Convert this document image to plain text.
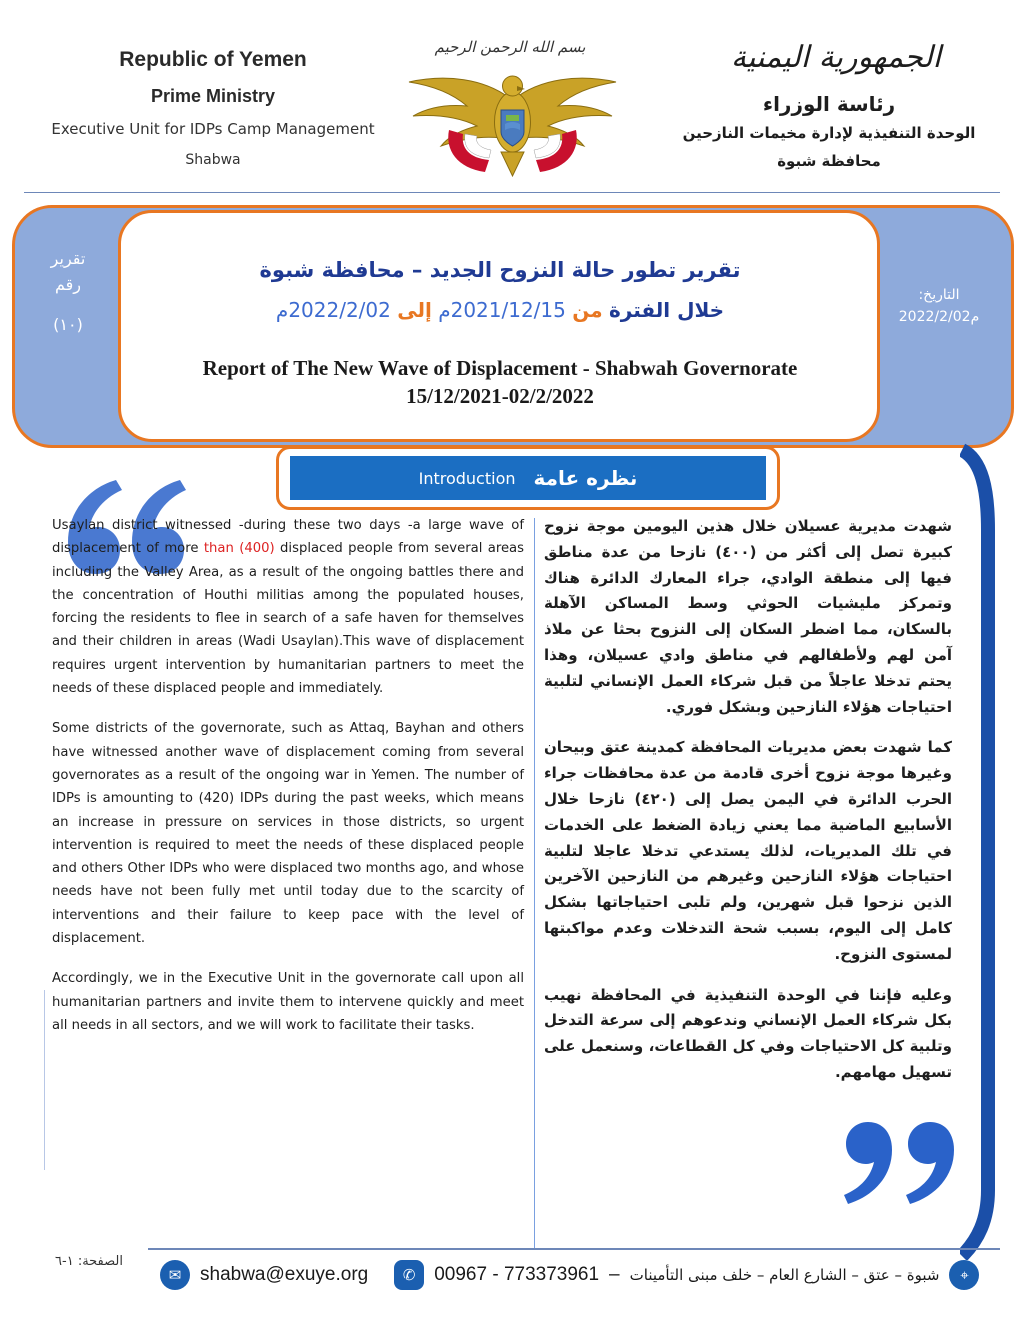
Republic of Yemen
Prime Ministry
Executive Unit for IDPs Camp Management
Shabwa
بسم الله الرحمن الرحيم	الجمهورية اليمنية
رئاسة الوزراء
الوحدة التنفيذية لإدارة مخيمات النازحين
محافظة شبوة
تقرير
رقم
(١٠)
التاريخ:
2022/2/02م
تقرير تطور حالة النزوح الجديد – محافظة شبوة
خلال الفترة من 2021/12/15م إلى 2022/2/02م
Report of The New Wave of Displacement - Shabwah Governorate
15/12/2021-02/2/2022
Introduction نظره عامة

Usaylan district witnessed -during these two days -a large wave of displacement of more than (400) displaced people from several areas including the Valley Area, as a result of the ongoing battles there and the concentration of Houthi militias among the populated houses, forcing the residents to flee in search of a safe haven for themselves and their children in areas (Wadi Usaylan).This wave of displacement requires urgent intervention by humanitarian partners to meet the needs of these displaced people and immediately.

Some districts of the governorate, such as Attaq, Bayhan and others have witnessed another wave of displacement coming from several governorates as a result of the ongoing war in Yemen. The number of IDPs is amounting to (420) IDPs during the past weeks, which means an increase in pressure on services in those districts, so urgent intervention is required to meet the needs of these displaced people and others Other IDPs who were displaced two months ago, and whose needs have not been fully met until today due to the scarcity of interventions and their failure to keep pace with the level of displacement.

Accordingly, we in the Executive Unit in the governorate call upon all humanitarian partners and invite them to intervene quickly and meet all needs in all sectors, and we will work to facilitate their tasks.

شهدت مديرية عسيلان خلال هذين اليومين موجة نزوح كبيرة تصل إلى أكثر من (٤٠٠) نازحا من عدة مناطق فيها إلى منطقة الوادي، جراء المعارك الدائرة هناك وتمركز مليشيات الحوثي وسط المساكن الآهلة بالسكان، مما اضطر السكان إلى النزوح بحثا عن ملاذ آمن لهم ولأطفالهم في مناطق وادي عسيلان، وهذا يحتم تدخلا عاجلاً من قبل شركاء العمل الإنساني لتلبية احتياجات هؤلاء النازحين وبشكل فوري.

كما شهدت بعض مديريات المحافظة كمدينة عتق وبيحان وغيرها موجة نزوح أخرى قادمة من عدة محافظات جراء الحرب الدائرة في اليمن يصل إلى (٤٢٠) نازحا خلال الأسابيع الماضية مما يعني زيادة الضغط على الخدمات في تلك المديريات، لذلك يستدعي تدخلا عاجلا لتلبية احتياجات هؤلاء النازحين وغيرهم من النازحين الآخرين الذين نزحوا قبل شهرين، ولم تلبى احتياجاتها بشكل كامل إلى اليوم، بسبب شحة التدخلات وعدم مواكبتها لمستوى النزوح.

وعليه فإننا في الوحدة التنفيذية في المحافظة نهيب بكل شركاء العمل الإنساني وندعوهم إلى سرعة التدخل وتلبية كل الاحتياجات وفي كل القطاعات، وسنعمل على تسهيل مهامهم.

الصفحة: ١-٦
✉ shabwa@exuye.org	✆ 00967 - 773373961 – شبوة – عتق – الشارع العام – خلف مبنى التأمينات	⌖
